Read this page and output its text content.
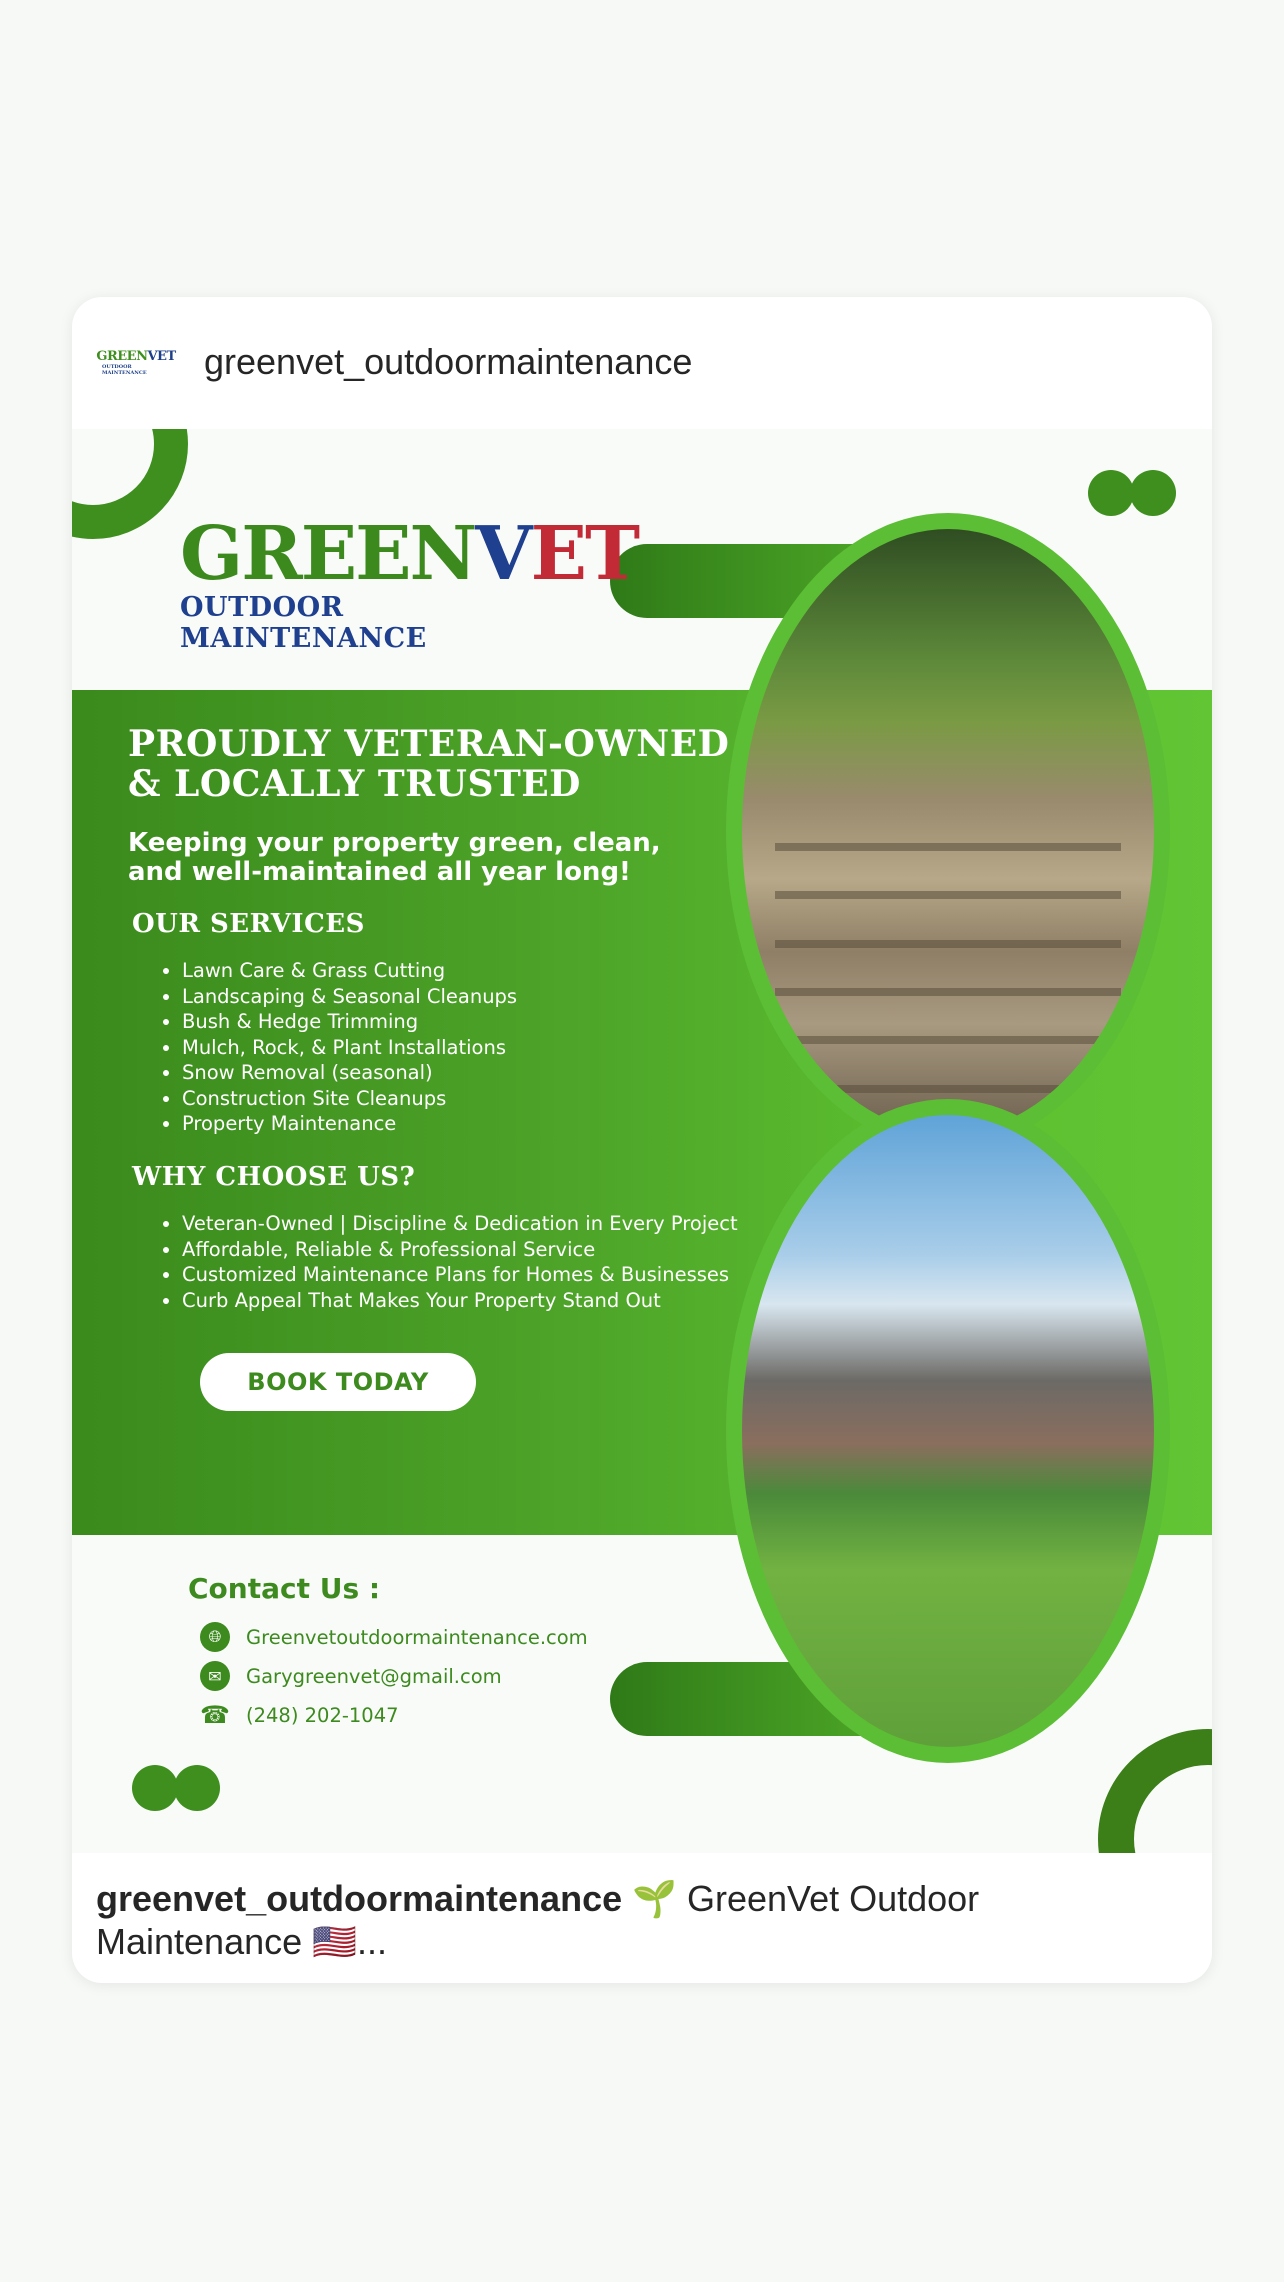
GREENVET
OUTDOOR MAINTENANCE	greenvet_outdoormaintenance
GREENVET
OUTDOOR MAINTENANCE
PROUDLY VETERAN-OWNED
& LOCALLY TRUSTED
Keeping your property green, clean,
and well-maintained all year long!
OUR SERVICES
• Lawn Care & Grass Cutting
• Landscaping & Seasonal Cleanups
• Bush & Hedge Trimming
• Mulch, Rock, & Plant Installations
• Snow Removal (seasonal)
• Construction Site Cleanups
• Property Maintenance
WHY CHOOSE US?
• Veteran-Owned | Discipline & Dedication in Every Project
• Affordable, Reliable & Professional Service
• Customized Maintenance Plans for Homes & Businesses
• Curb Appeal That Makes Your Property Stand Out
BOOK TODAY
Contact Us :
🌐︎	Greenvetoutdoormaintenance.com
✉	Garygreenvet@gmail.com
☎ (248) 202-1047
greenvet_outdoormaintenance 🌱 GreenVet Outdoor
Maintenance 🇺🇸...
